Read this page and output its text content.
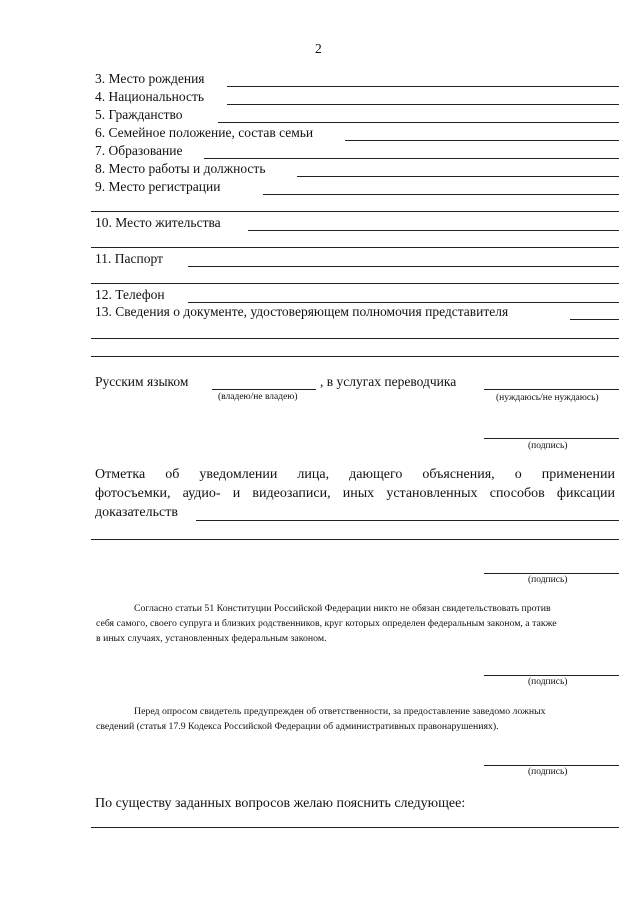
2
3. Место рождения
4. Национальность
5. Гражданство
6. Семейное положение, состав семьи
7. Образование
8. Место работы и должность
9. Место регистрации
10. Место жительства
11. Паспорт
12. Телефон
13. Сведения о документе, удостоверяющем полномочия представителя
Русским языком	, в услугах переводчика
(владею/не владею)	(нуждаюсь/не нуждаюсь)
(подпись)
Отметка об уведомлении лица, дающего объяснения, о применении
фотосъемки, аудио- и видеозаписи, иных установленных способов фиксации
доказательств
(подпись)
Согласно статьи 51 Конституции Российской Федерации никто не обязан свидетельствовать против
себя самого, своего супруга и близких родственников, круг которых определен федеральным законом, а также
в иных случаях, установленных федеральным законом.
(подпись)
Перед опросом свидетель предупрежден об ответственности, за предоставление заведомо ложных
сведений (статья 17.9 Кодекса Российской Федерации об административных правонарушениях).
(подпись)
По существу заданных вопросов желаю пояснить следующее:
